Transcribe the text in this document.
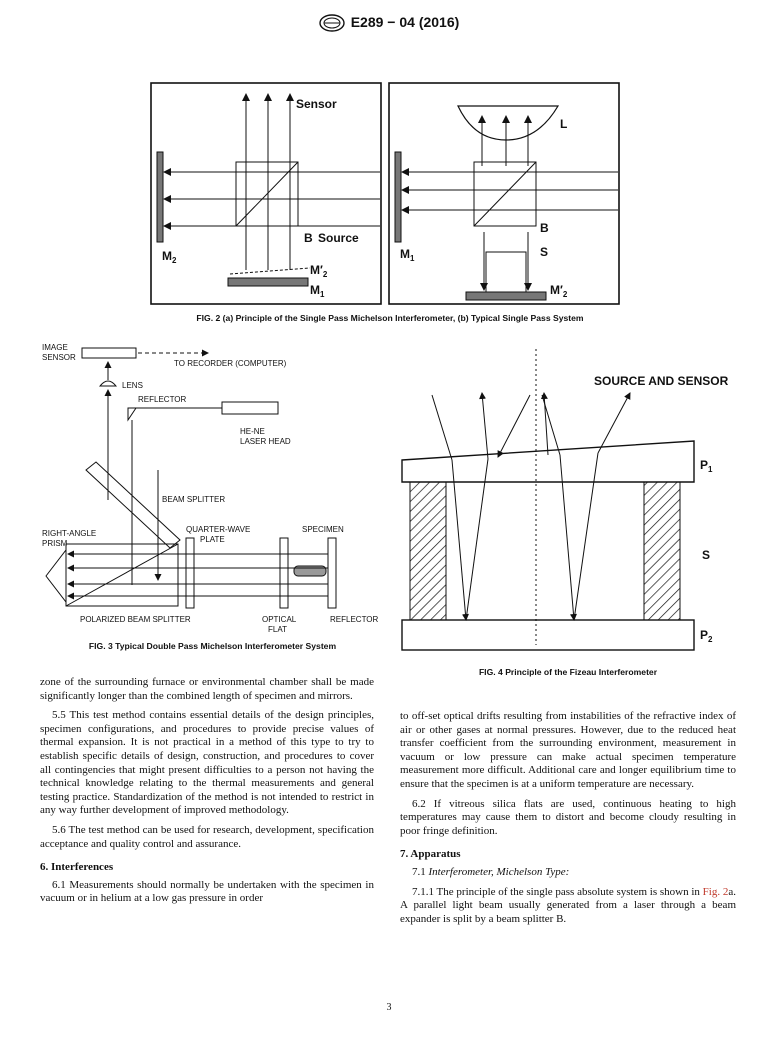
E289 − 04 (2016)
Sensor
B Source
$M_2$
$M'_2$
$M_1$
L
B
S
$M_1$
$M'_2$
FIG. 2 (a) Principle of the Single Pass Michelson Interferometer, (b) Typical Single Pass System
IMAGE
SENSOR
TO RECORDER (COMPUTER)
LENS
REFLECTOR
HE-NE
LASER HEAD
BEAM SPLITTER
RIGHT-ANGLE
PRISM
QUARTER-WAVE
PLATE
SPECIMEN
POLARIZED BEAM SPLITTER	OPTICAL
FLAT
REFLECTOR
FIG. 3 Typical Double Pass Michelson Interferometer System
SOURCE AND SENSOR
$P_1$
S
$P_2$
FIG. 4 Principle of the Fizeau Interferometer

zone of the surrounding furnace or environmental chamber shall be made significantly longer than the combined length of specimen and mirrors.

5.5 This test method contains essential details of the design principles, specimen configurations, and procedures to provide precise values of thermal expansion. It is not practical in a method of this type to try to establish specific details of design, construction, and procedures to cover all contingencies that might present difficulties to a person not having the technical knowledge relating to the thermal measurements and general testing practice. Standardization of the method is not intended to restrict in any way further development of improved methodology.

5.6 The test method can be used for research, development, specification acceptance and quality control and assurance.

6. Interferences

6.1 Measurements should normally be undertaken with the specimen in vacuum or in helium at a low gas pressure in order

to off-set optical drifts resulting from instabilities of the refractive index of air or other gases at normal pressures. However, due to the reduced heat transfer coefficient from the surrounding environment, measurement in vacuum or low pressure can make actual specimen temperature measurement more difficult. Additional care and longer equilibrium time to ensure that the specimen is at a uniform temperature are necessary.

6.2 If vitreous silica flats are used, continuous heating to high temperatures may cause them to distort and become cloudy resulting in poor fringe definition.

7. Apparatus

7.1 Interferometer, Michelson Type:

7.1.1 The principle of the single pass absolute system is shown in Fig. 2a. A parallel light beam usually generated from a laser through a beam expander is split by a beam splitter B.

3
